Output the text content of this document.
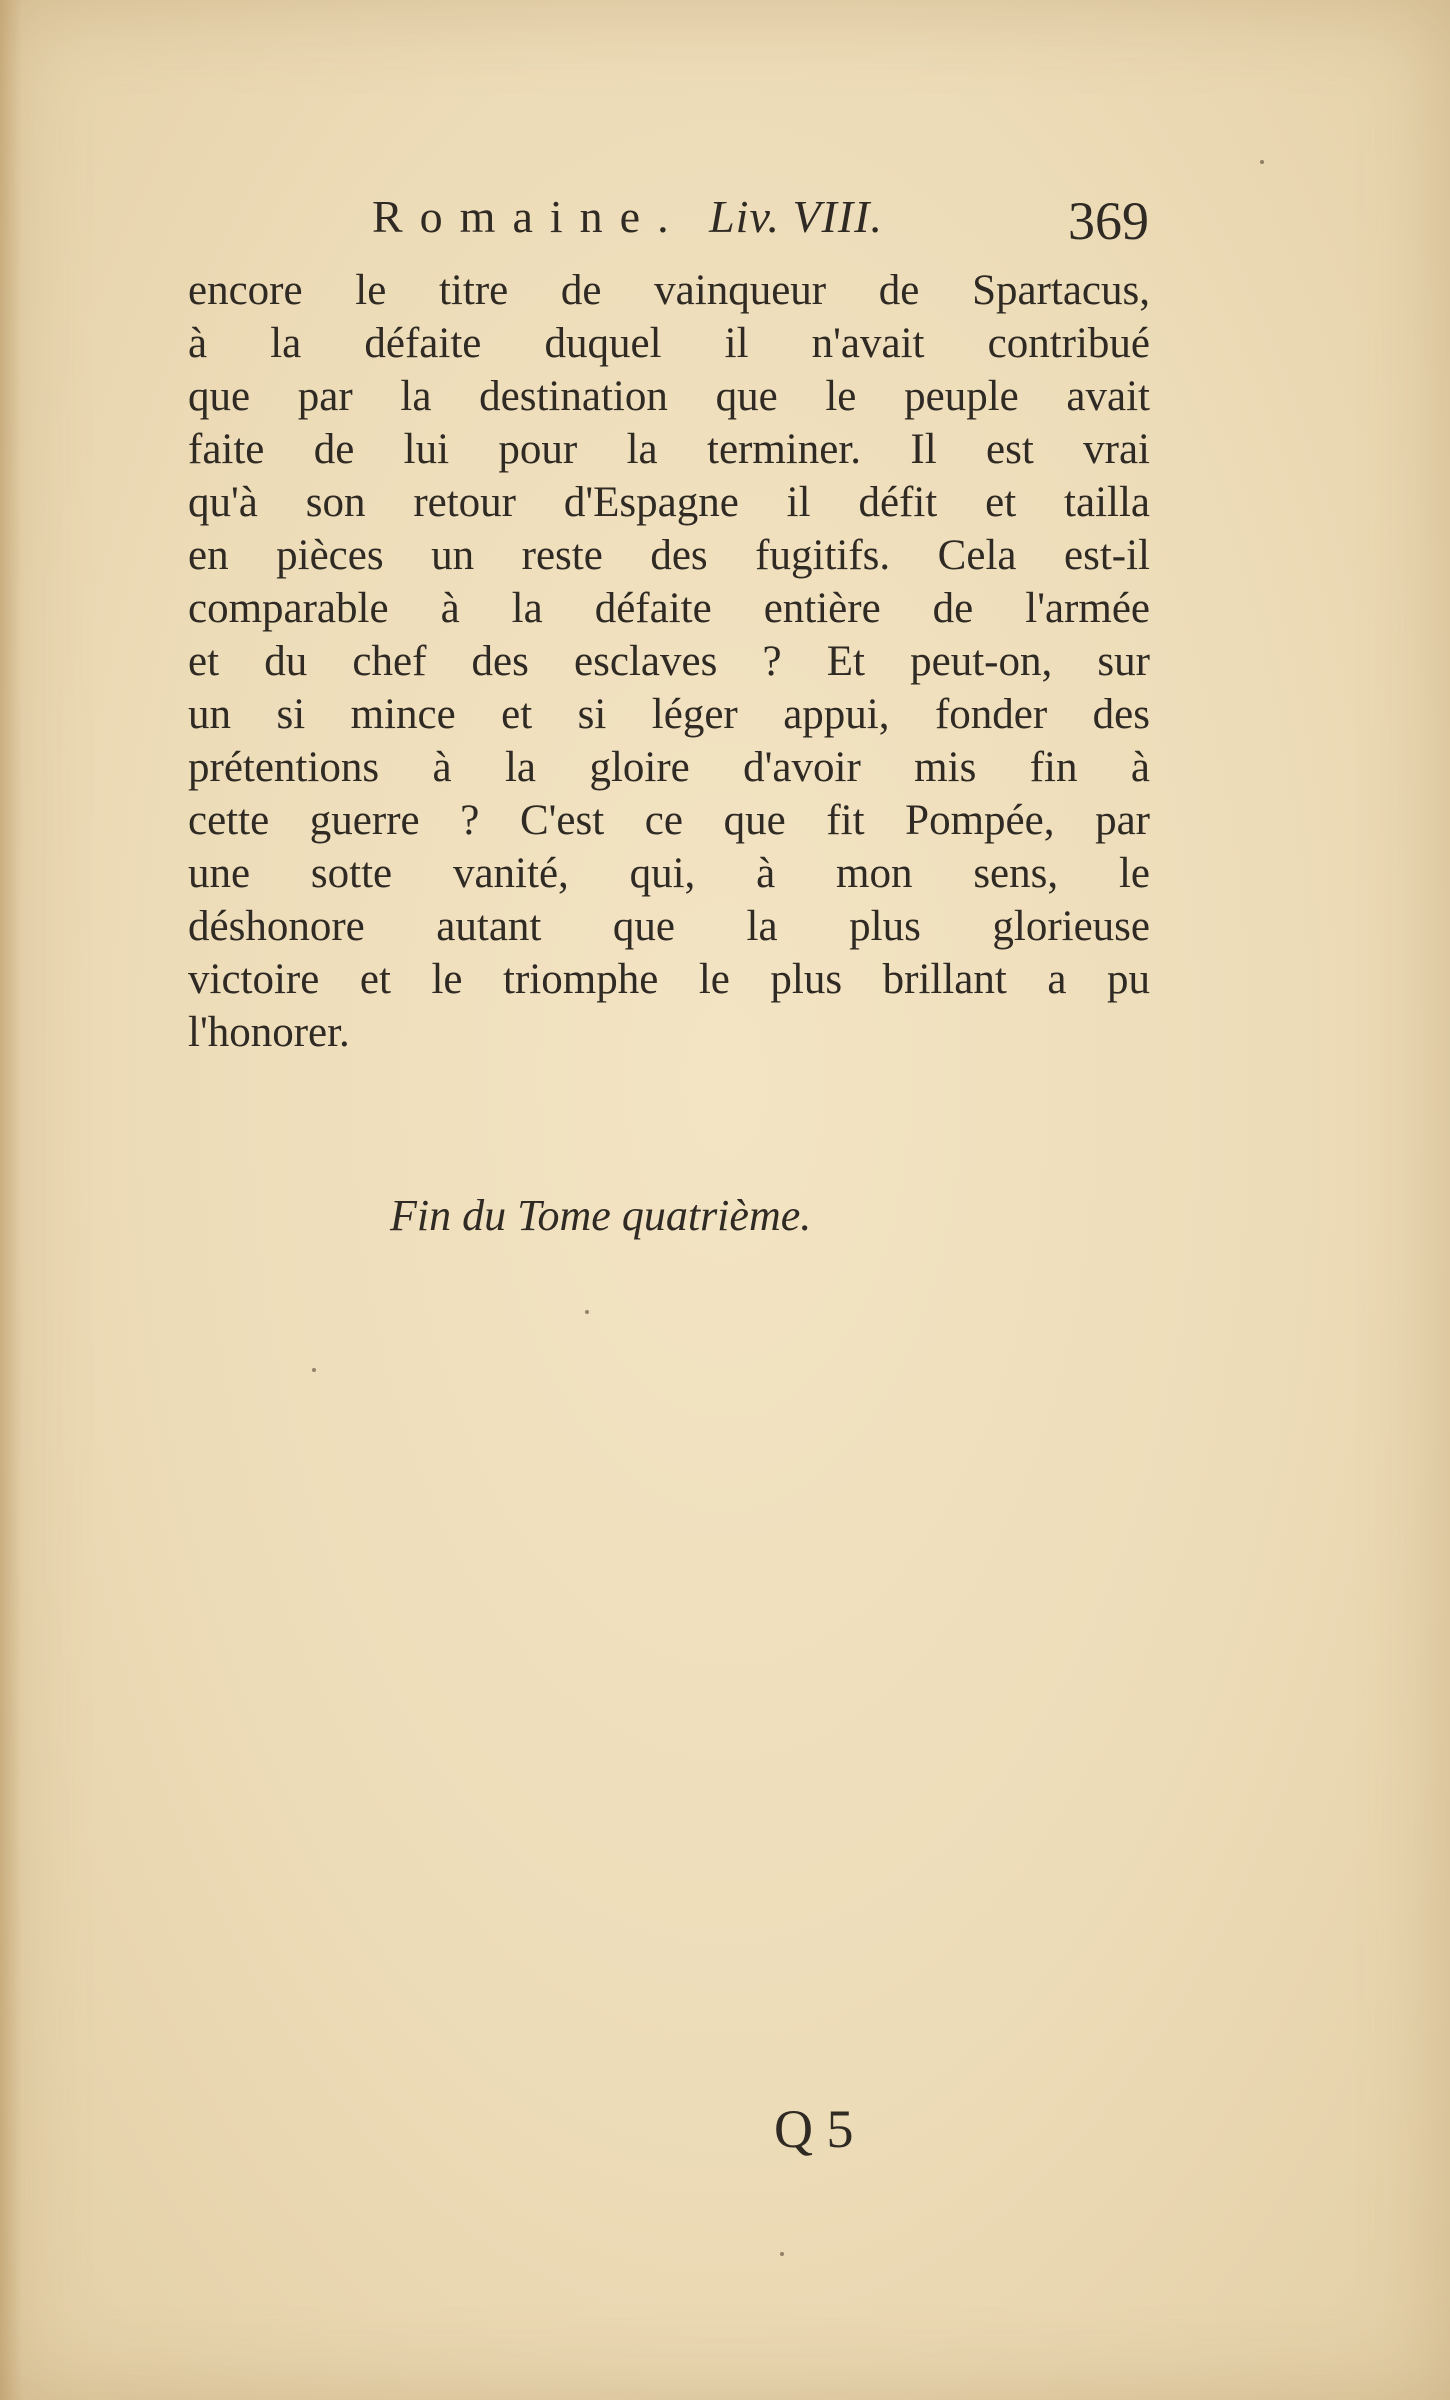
Romaine. Liv. VIII.	369
encore le titre de vainqueur de Spartacus,
à la défaite duquel il n'avait contribué
que par la destination que le peuple avait
faite de lui pour la terminer. Il est vrai
qu'à son retour d'Espagne il défit et tailla
en pièces un reste des fugitifs. Cela est-il
comparable à la défaite entière de l'armée
et du chef des esclaves ? Et peut-on, sur
un si mince et si léger appui, fonder des
prétentions à la gloire d'avoir mis fin à
cette guerre ? C'est ce que fit Pompée, par
une sotte vanité, qui, à mon sens, le
déshonore autant que la plus glorieuse
victoire et le triomphe le plus brillant a pu
l'honorer.
Fin du Tome quatrième.
Q 5
